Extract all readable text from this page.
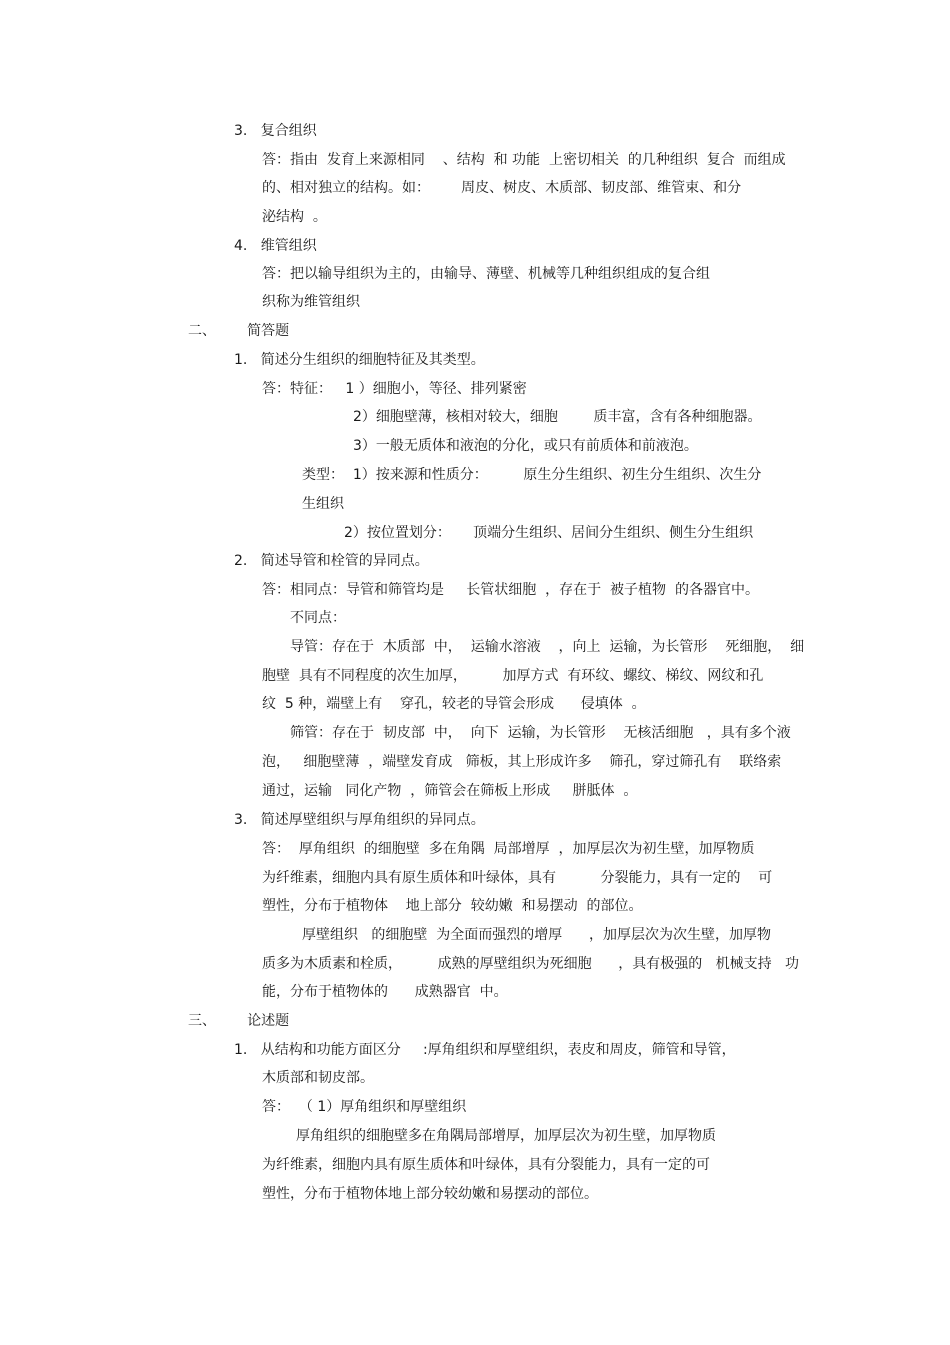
3.   复合组织
答：指由  发育上来源相同    、结构  和 功能  上密切相关  的几种组织  复合  而组成
的、相对独立的结构。如：       周皮、树皮、木质部、韧皮部、维管束、和分
泌结构  。
4.   维管组织
答：把以输导组织为主的，由输导、薄壁、机械等几种组织组成的复合组
织称为维管组织
二、       简答题
1.   简述分生组织的细胞特征及其类型。
答：特征：   1 ）细胞小，等径、排列紧密
2）细胞壁薄，核相对较大，细胞        质丰富，含有各种细胞器。
3）一般无质体和液泡的分化，或只有前质体和前液泡。
类型：  1）按来源和性质分：        原生分生组织、初生分生组织、次生分
生组织
2）按位置划分：     顶端分生组织、居间分生组织、侧生分生组织
2.   简述导管和栓管的异同点。
答：相同点：导管和筛管均是     长管状细胞  ，存在于  被子植物  的各器官中。
不同点：
导管：存在于  木质部  中，  运输水溶液    ，向上  运输，为长管形    死细胞，  细
胞壁  具有不同程度的次生加厚，        加厚方式  有环纹、螺纹、梯纹、网纹和孔
纹  5 种，端壁上有    穿孔，较老的导管会形成      侵填体  。
筛管：存在于  韧皮部  中，  向下  运输，为长管形    无核活细胞   ，具有多个液
泡，   细胞壁薄  ，端壁发育成   筛板，其上形成许多    筛孔，穿过筛孔有    联络索
通过，运输   同化产物  ，筛管会在筛板上形成     胼胝体  。
3.   简述厚壁组织与厚角组织的异同点。
答：  厚角组织  的细胞壁  多在角隅  局部增厚  ，加厚层次为初生壁，加厚物质
为纤维素，细胞内具有原生质体和叶绿体，具有          分裂能力，具有一定的    可
塑性，分布于植物体    地上部分  较幼嫩  和易摆动  的部位。
厚壁组织   的细胞壁  为全面而强烈的增厚      ，加厚层次为次生壁，加厚物
质多为木质素和栓质，        成熟的厚壁组织为死细胞      ，具有极强的   机械支持   功
能，分布于植物体的      成熟器官  中。
三、       论述题
1.   从结构和功能方面区分     :厚角组织和厚壁组织，表皮和周皮，筛管和导管，
木质部和韧皮部。
答：  （ 1）厚角组织和厚壁组织
厚角组织的细胞壁多在角隅局部增厚，加厚层次为初生壁，加厚物质
为纤维素，细胞内具有原生质体和叶绿体，具有分裂能力，具有一定的可
塑性，分布于植物体地上部分较幼嫩和易摆动的部位。
